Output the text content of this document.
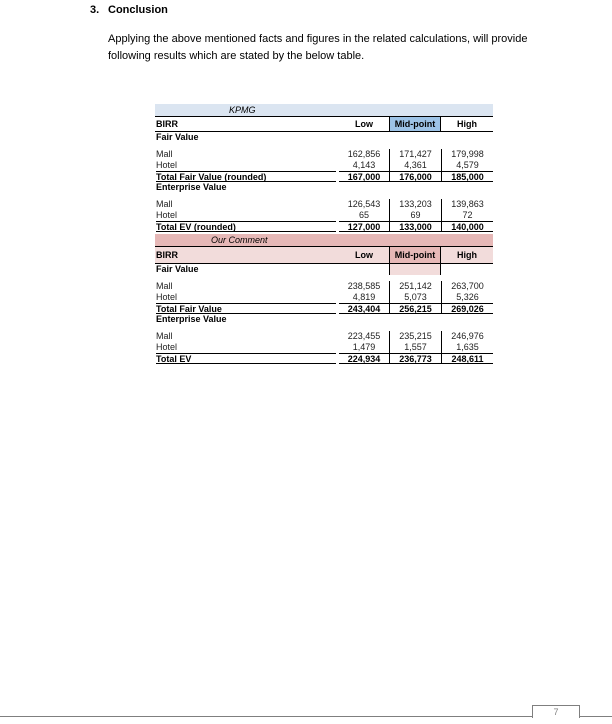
3. Conclusion
Applying the above mentioned facts and figures in the related calculations, will provide following results which are stated by the below table.
KPMG
BIRR	Low	Mid-point	High
Fair Value
Mall	162,856	171,427	179,998
Hotel	4,143	4,361	4,579
Total Fair Value (rounded)	167,000	176,000	185,000
Enterprise Value
Mall	126,543	133,203	139,863
Hotel	65	69	72
Total EV (rounded)	127,000	133,000	140,000
Our Comment
BIRR	Low	Mid-point	High
Fair Value
Mall	238,585	251,142	263,700
Hotel	4,819	5,073	5,326
Total Fair Value	243,404	256,215	269,026
Enterprise Value
Mall	223,455	235,215	246,976
Hotel	1,479	1,557	1,635
Total EV	224,934	236,773	248,611
7
